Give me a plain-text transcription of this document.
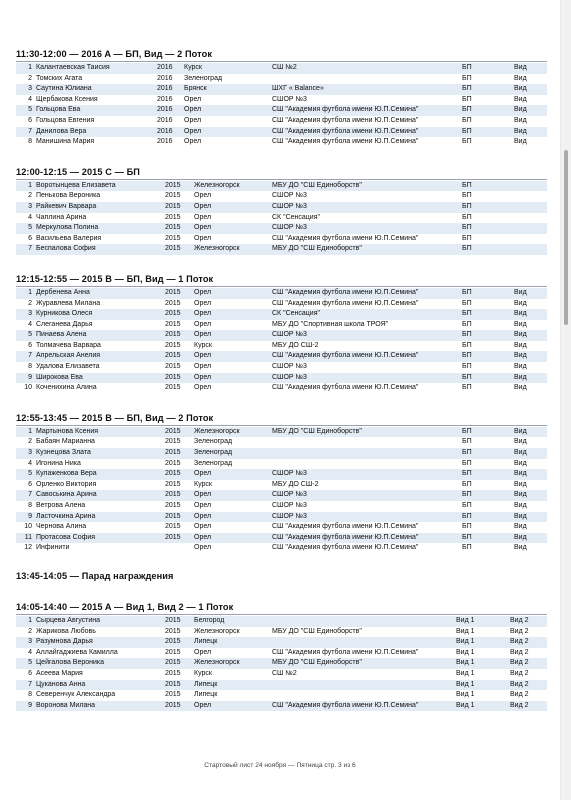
11:30-12:00 — 2016 A — БП, Вид — 2 Поток
1 Калантаевская Таисия	2016 Курск	СШ №2	БП	Вид
2 Томских Агата	2016 Зеленоград	БП	Вид
3 Саутина Юлиана	2016 Брянск	ШХГ « Balance»	БП	Вид
4 Щербакова Ксения	2016 Орел	СШОР №3	БП	Вид
5 Гольцова Ева	2016 Орел	СШ "Академия футбола имени Ю.П.Семина"	БП	Вид
6 Гольцова Евгения	2016 Орел	СШ "Академия футбола имени Ю.П.Семина"	БП	Вид
7 Данилова Вера	2016 Орел	СШ "Академия футбола имени Ю.П.Семина"	БП	Вид
8 Манишина Мария	2016 Орел	СШ "Академия футбола имени Ю.П.Семина"	БП	Вид
12:00-12:15 — 2015 C — БП
1 Воротынцева Елизавета	2015 Железногорск	МБУ ДО "СШ Единоборств"	БП
2 Пенькова Вероника	2015 Орел	СШОР №3	БП
3 Райкевич Варвара	2015 Орел	СШОР №3	БП
4 Чаплина Арина	2015 Орел	СК "Сенсация"	БП
5 Меркулова Полина	2015 Орел	СШОР №3	БП
6 Васильева Валерия	2015 Орел	СШ "Академия футбола имени Ю.П.Семина"	БП
7 Беспалова София	2015 Железногорск	МБУ ДО "СШ Единоборств"	БП
12:15-12:55 — 2015 B — БП, Вид — 1 Поток
1 Дербенева Анна	2015 Орел	СШ "Академия футбола имени Ю.П.Семина"	БП	Вид
2 Журавлева Милана	2015 Орел	СШ "Академия футбола имени Ю.П.Семина"	БП	Вид
3 Курникова Олеся	2015 Орел	СК "Сенсация"	БП	Вид
4 Слеганева Дарья	2015 Орел	МБУ ДО "Спортивная школа ТРОЯ"	БП	Вид
5 Пинаева Алена	2015 Орел	СШОР №3	БП	Вид
6 Толмачева Варвара	2015 Курск	МБУ ДО СШ-2	БП	Вид
7 Апрельская Анелия	2015 Орел	СШ "Академия футбола имени Ю.П.Семина"	БП	Вид
8 Удалова Елизавета	2015 Орел	СШОР №3	БП	Вид
9 Широкова Ева	2015 Орел	СШОР №3	БП	Вид
10 Коченихина Алина	2015 Орел	СШ "Академия футбола имени Ю.П.Семина"	БП	Вид
12:55-13:45 — 2015 B — БП, Вид — 2 Поток
1 Мартынова Ксения	2015 Железногорск	МБУ ДО "СШ Единоборств"	БП	Вид
2 Бабаян Марианна	2015 Зеленоград	БП	Вид
3 Кузнецова Злата	2015 Зеленоград	БП	Вид
4 Игонина Ника	2015 Зеленоград	БП	Вид
5 Кулаженкова Вера	2015 Орел	СШОР №3	БП	Вид
6 Орленко Виктория	2015 Курск	МБУ ДО СШ-2	БП	Вид
7 Савоськина Арина	2015 Орел	СШОР №3	БП	Вид
8 Ветрова Алена	2015 Орел	СШОР №3	БП	Вид
9 Ласточкина Арина	2015 Орел	СШОР №3	БП	Вид
10 Чернова Алина	2015 Орел	СШ "Академия футбола имени Ю.П.Семина"	БП	Вид
11 Протасова София	2015 Орел	СШ "Академия футбола имени Ю.П.Семина"	БП	Вид
12 Инфинити	Орел	СШ "Академия футбола имени Ю.П.Семина"	БП	Вид
13:45-14:05 — Парад награждения
14:05-14:40 — 2015 A — Вид 1, Вид 2 — 1 Поток
1 Сырцева Августина	2015 Белгород	Вид 1	Вид 2
2 Жарикова Любовь	2015 Железногорск	МБУ ДО "СШ Единоборств"	Вид 1	Вид 2
3 Разумнова Дарья	2015 Липецк	Вид 1	Вид 2
4 Аллайгаджиева Камилла	2015 Орел	СШ "Академия футбола имени Ю.П.Семина"	Вид 1	Вид 2
5 Цейгалова Вероника	2015 Железногорск	МБУ ДО "СШ Единоборств"	Вид 1	Вид 2
6 Асеева Мария	2015 Курск	СШ №2	Вид 1	Вид 2
7 Цуканова Анна	2015 Липецк	Вид 1	Вид 2
8 Северенчук Александра	2015 Липецк	Вид 1	Вид 2
9 Воронова Милана	2015 Орел	СШ "Академия футбола имени Ю.П.Семина"	Вид 1	Вид 2
Стартовый лист 24 ноября — Пятница стр. 3 из 6
